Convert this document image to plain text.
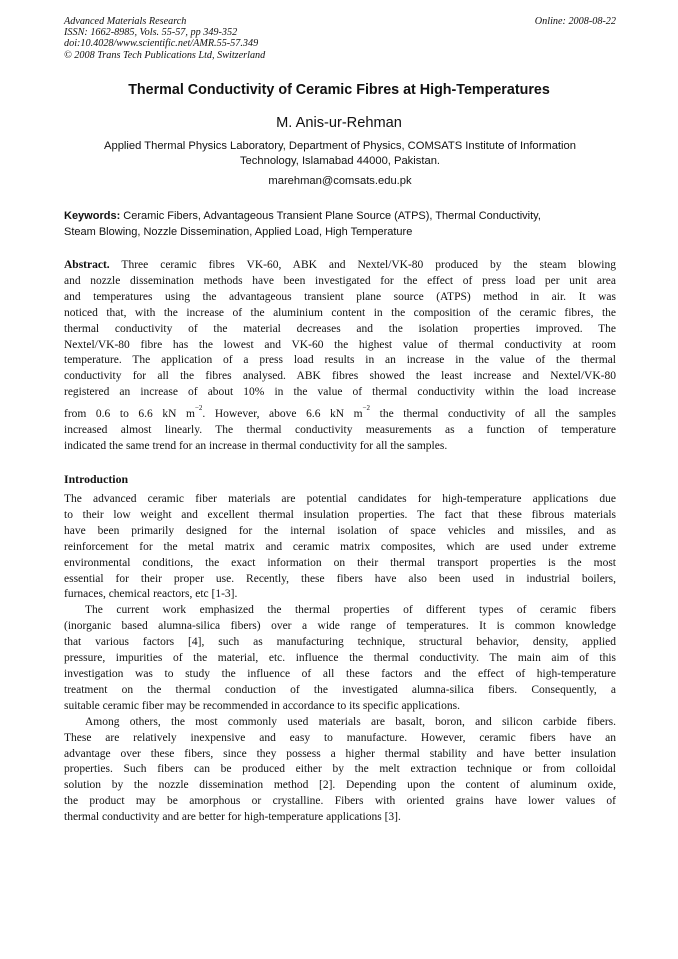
Advanced Materials Research
ISSN: 1662-8985, Vols. 55-57, pp 349-352
doi:10.4028/www.scientific.net/AMR.55-57.349
© 2008 Trans Tech Publications Ltd, Switzerland
Online: 2008-08-22
Thermal Conductivity of Ceramic Fibres at High-Temperatures
M. Anis-ur-Rehman
Applied Thermal Physics Laboratory, Department of Physics, COMSATS Institute of Information
Technology, Islamabad 44000, Pakistan.
marehman@comsats.edu.pk
Keywords: Ceramic Fibers, Advantageous Transient Plane Source (ATPS), Thermal Conductivity,
Steam Blowing, Nozzle Dissemination, Applied Load, High Temperature
Abstract. Three ceramic fibres VK-60, ABK and Nextel/VK-80 produced by the steam blowing
and nozzle dissemination methods have been investigated for the effect of press load per unit area
and temperatures using the advantageous transient plane source (ATPS) method in air. It was
noticed that, with the increase of the aluminium content in the composition of the ceramic fibres, the
thermal conductivity of the material decreases and the isolation properties improved. The
Nextel/VK-80 fibre has the lowest and VK-60 the highest value of thermal conductivity at room
temperature. The application of a press load results in an increase in the value of the thermal
conductivity for all the fibres analysed. ABK fibres showed the least increase and Nextel/VK-80
registered an increase of about 10% in the value of thermal conductivity within the load increase
from 0.6 to 6.6 kN $m^{-2}$. However, above 6.6 kN $m^{-2}$ the thermal conductivity of all the samples
increased almost linearly. The thermal conductivity measurements as a function of temperature
indicated the same trend for an increase in thermal conductivity for all the samples.
Introduction
The advanced ceramic fiber materials are potential candidates for high-temperature applications due
to their low weight and excellent thermal insulation properties. The fact that these fibrous materials
have been primarily designed for the internal isolation of space vehicles and missiles, and as
reinforcement for the metal matrix and ceramic matrix composites, which are used under extreme
environmental conditions, the exact information on their thermal transport properties is the most
essential for their proper use. Recently, these fibers have also been used in industrial boilers,
furnaces, chemical reactors, etc [1-3].
The current work emphasized the thermal properties of different types of ceramic fibers
(inorganic based alumna-silica fibers) over a wide range of temperatures. It is common knowledge
that various factors [4], such as manufacturing technique, structural behavior, density, applied
pressure, impurities of the material, etc. influence the thermal conductivity. The main aim of this
investigation was to study the influence of all these factors and the effect of high-temperature
treatment on the thermal conduction of the investigated alumna-silica fibers. Consequently, a
suitable ceramic fiber may be recommended in accordance to its specific applications.
Among others, the most commonly used materials are basalt, boron, and silicon carbide fibers.
These are relatively inexpensive and easy to manufacture. However, ceramic fibers have an
advantage over these fibers, since they possess a higher thermal stability and have better insulation
properties. Such fibers can be produced either by the melt extraction technique or from colloidal
solution by the nozzle dissemination method [2]. Depending upon the content of aluminum oxide,
the product may be amorphous or crystalline. Fibers with oriented grains have lower values of
thermal conductivity and are better for high-temperature applications [3].
